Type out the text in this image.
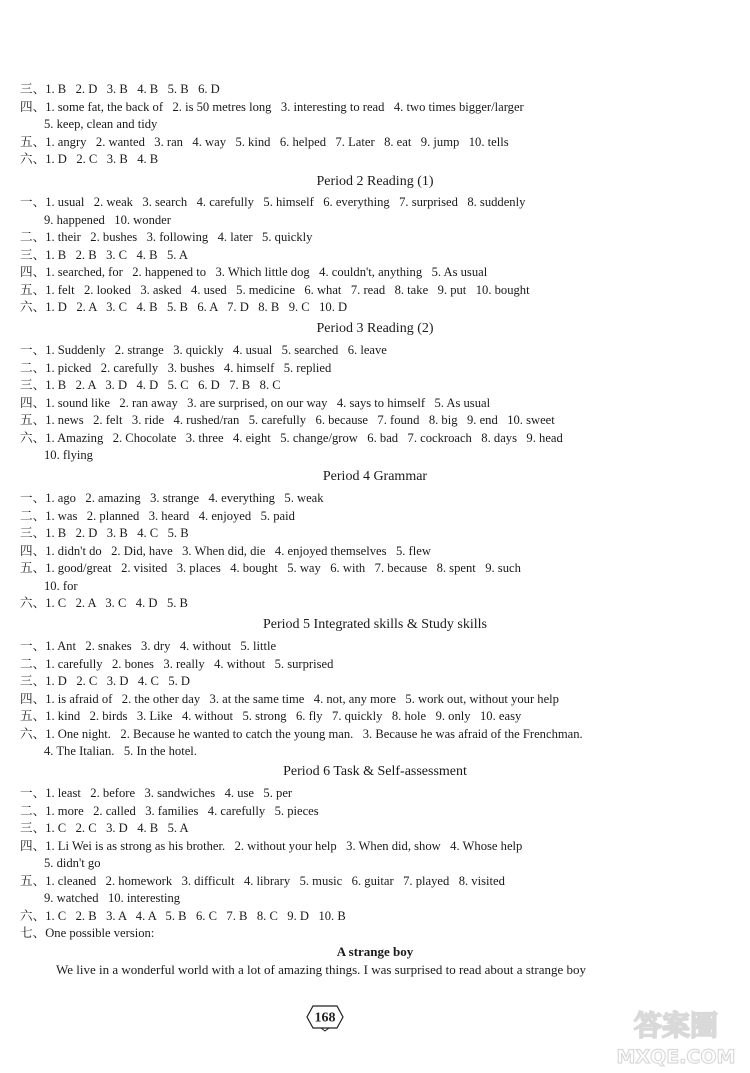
三、1. B   2. D   3. B   4. B   5. B   6. D
四、1. some fat, the back of   2. is 50 metres long   3. interesting to read   4. two times bigger/larger
5. keep, clean and tidy
五、1. angry   2. wanted   3. ran   4. way   5. kind   6. helped   7. Later   8. eat   9. jump   10. tells
六、1. D   2. C   3. B   4. B
Period 2 Reading (1)
一、1. usual   2. weak   3. search   4. carefully   5. himself   6. everything   7. surprised   8. suddenly
9. happened   10. wonder
二、1. their   2. bushes   3. following   4. later   5. quickly
三、1. B   2. B   3. C   4. B   5. A
四、1. searched, for   2. happened to   3. Which little dog   4. couldn't, anything   5. As usual
五、1. felt   2. looked   3. asked   4. used   5. medicine   6. what   7. read   8. take   9. put   10. bought
六、1. D   2. A   3. C   4. B   5. B   6. A   7. D   8. B   9. C   10. D
Period 3 Reading (2)
一、1. Suddenly   2. strange   3. quickly   4. usual   5. searched   6. leave
二、1. picked   2. carefully   3. bushes   4. himself   5. replied
三、1. B   2. A   3. D   4. D   5. C   6. D   7. B   8. C
四、1. sound like   2. ran away   3. are surprised, on our way   4. says to himself   5. As usual
五、1. news   2. felt   3. ride   4. rushed/ran   5. carefully   6. because   7. found   8. big   9. end   10. sweet
六、1. Amazing   2. Chocolate   3. three   4. eight   5. change/grow   6. bad   7. cockroach   8. days   9. head
10. flying
Period 4 Grammar
一、1. ago   2. amazing   3. strange   4. everything   5. weak
二、1. was   2. planned   3. heard   4. enjoyed   5. paid
三、1. B   2. D   3. B   4. C   5. B
四、1. didn't do   2. Did, have   3. When did, die   4. enjoyed themselves   5. flew
五、1. good/great   2. visited   3. places   4. bought   5. way   6. with   7. because   8. spent   9. such
10. for
六、1. C   2. A   3. C   4. D   5. B
Period 5 Integrated skills & Study skills
一、1. Ant   2. snakes   3. dry   4. without   5. little
二、1. carefully   2. bones   3. really   4. without   5. surprised
三、1. D   2. C   3. D   4. C   5. D
四、1. is afraid of   2. the other day   3. at the same time   4. not, any more   5. work out, without your help
五、1. kind   2. birds   3. Like   4. without   5. strong   6. fly   7. quickly   8. hole   9. only   10. easy
六、1. One night.   2. Because he wanted to catch the young man.   3. Because he was afraid of the Frenchman.
4. The Italian.   5. In the hotel.
Period 6 Task & Self-assessment
一、1. least   2. before   3. sandwiches   4. use   5. per
二、1. more   2. called   3. families   4. carefully   5. pieces
三、1. C   2. C   3. D   4. B   5. A
四、1. Li Wei is as strong as his brother.   2. without your help   3. When did, show   4. Whose help
5. didn't go
五、1. cleaned   2. homework   3. difficult   4. library   5. music   6. guitar   7. played   8. visited
9. watched   10. interesting
六、1. C   2. B   3. A   4. A   5. B   6. C   7. B   8. C   9. D   10. B
七、One possible version:
A strange boy
We live in a wonderful world with a lot of amazing things. I was surprised to read about a strange boy
168	答案圈
MXQE.COM
